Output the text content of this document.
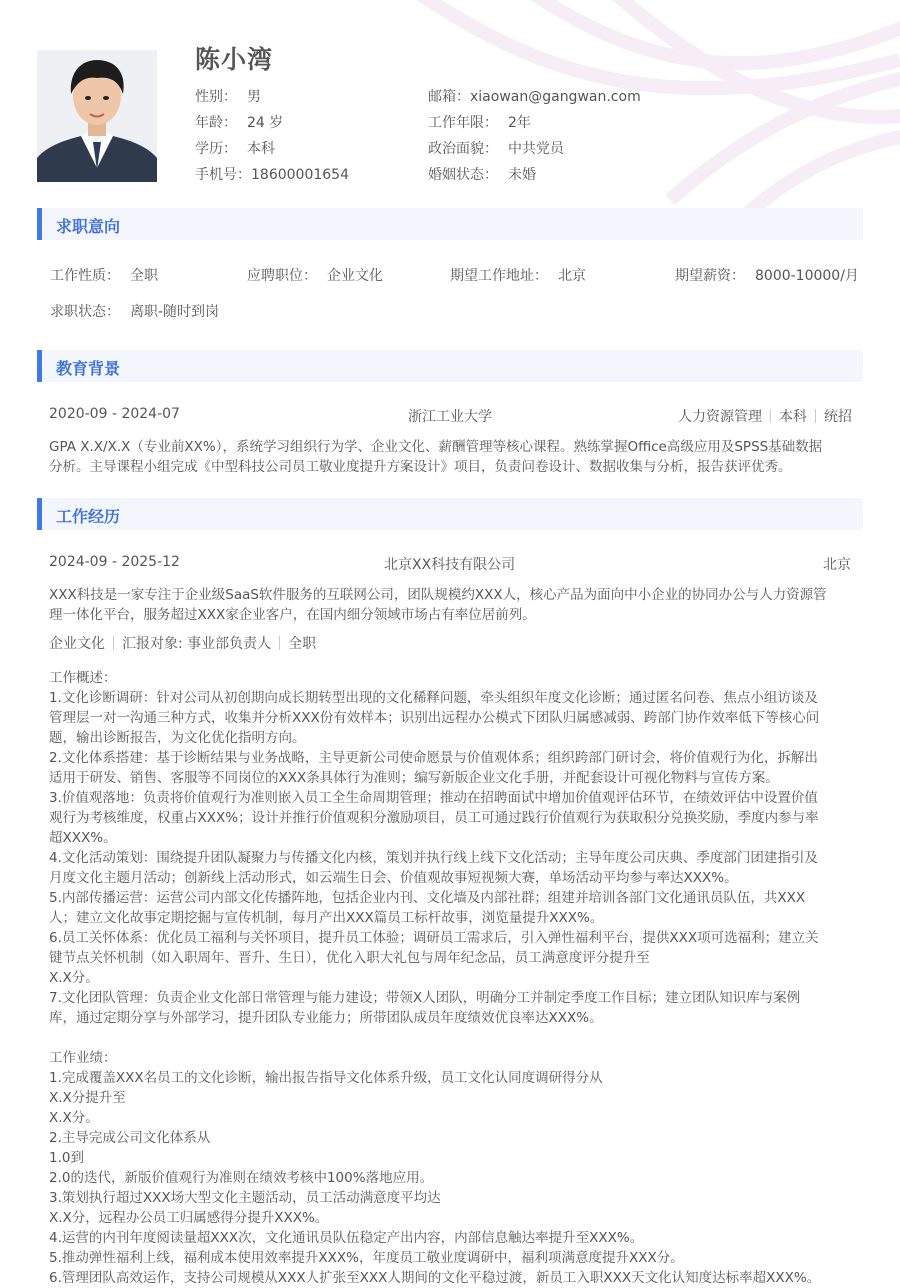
陈小湾
性别： 男
年龄： 24 岁
学历： 本科
手机号：18600001654
邮箱：xiaowan@gangwan.com
工作年限： 2年
政治面貌： 中共党员
婚姻状态： 未婚
求职意向
工作性质： 全职	应聘职位： 企业文化	期望工作地址： 北京	期望薪资： 8000-10000/月
求职状态： 离职-随时到岗
教育背景
2020-09 - 2024-07	浙江工业大学	人力资源管理 本科 统招
GPA X.X/X.X（专业前XX%），系统学习组织行为学、企业文化、薪酬管理等核心课程。熟练掌握Office高级应用及SPSS基础数据
分析。主导课程小组完成《中型科技公司员工敬业度提升方案设计》项目，负责问卷设计、数据收集与分析，报告获评优秀。
工作经历
2024-09 - 2025-12	北京XX科技有限公司	北京
XXX科技是一家专注于企业级SaaS软件服务的互联网公司，团队规模约XXX人，核心产品为面向中小企业的协同办公与人力资源管
理一体化平台，服务超过XXX家企业客户，在国内细分领域市场占有率位居前列。
企业文化 汇报对象: 事业部负责人 全职
工作概述：
1.文化诊断调研：针对公司从初创期向成长期转型出现的文化稀释问题，牵头组织年度文化诊断；通过匿名问卷、焦点小组访谈及
管理层一对一沟通三种方式，收集并分析XXX份有效样本；识别出远程办公模式下团队归属感减弱、跨部门协作效率低下等核心问
题，输出诊断报告，为文化优化指明方向。
2.文化体系搭建：基于诊断结果与业务战略，主导更新公司使命愿景与价值观体系；组织跨部门研讨会，将价值观行为化，拆解出
适用于研发、销售、客服等不同岗位的XXX条具体行为准则；编写新版企业文化手册，并配套设计可视化物料与宣传方案。
3.价值观落地：负责将价值观行为准则嵌入员工全生命周期管理；推动在招聘面试中增加价值观评估环节，在绩效评估中设置价值
观行为考核维度，权重占XXX%；设计并推行价值观积分激励项目，员工可通过践行价值观行为获取积分兑换奖励，季度内参与率
超XXX%。
4.文化活动策划：围绕提升团队凝聚力与传播文化内核，策划并执行线上线下文化活动；主导年度公司庆典、季度部门团建指引及
月度文化主题月活动；创新线上活动形式，如云端生日会、价值观故事短视频大赛，单场活动平均参与率达XXX%。
5.内部传播运营：运营公司内部文化传播阵地，包括企业内刊、文化墙及内部社群；组建并培训各部门文化通讯员队伍，共XXX
人；建立文化故事定期挖掘与宣传机制，每月产出XXX篇员工标杆故事，浏览量提升XXX%。
6.员工关怀体系：优化员工福利与关怀项目，提升员工体验；调研员工需求后，引入弹性福利平台，提供XXX项可选福利；建立关
键节点关怀机制（如入职周年、晋升、生日），优化入职大礼包与周年纪念品，员工满意度评分提升至
X.X分。
7.文化团队管理：负责企业文化部日常管理与能力建设；带领X人团队，明确分工并制定季度工作目标；建立团队知识库与案例
库，通过定期分享与外部学习，提升团队专业能力；所带团队成员年度绩效优良率达XXX%。
工作业绩：
1.完成覆盖XXX名员工的文化诊断，输出报告指导文化体系升级，员工文化认同度调研得分从
X.X分提升至
X.X分。
2.主导完成公司文化体系从
1.0到
2.0的迭代，新版价值观行为准则在绩效考核中100%落地应用。
3.策划执行超过XXX场大型文化主题活动，员工活动满意度平均达
X.X分，远程办公员工归属感得分提升XXX%。
4.运营的内刊年度阅读量超XXX次，文化通讯员队伍稳定产出内容，内部信息触达率提升至XXX%。
5.推动弹性福利上线，福利成本使用效率提升XXX%，年度员工敬业度调研中，福利项满意度提升XXX分。
6.管理团队高效运作，支持公司规模从XXX人扩张至XXX人期间的文化平稳过渡，新员工入职XXX天文化认知度达标率超XXX%。
